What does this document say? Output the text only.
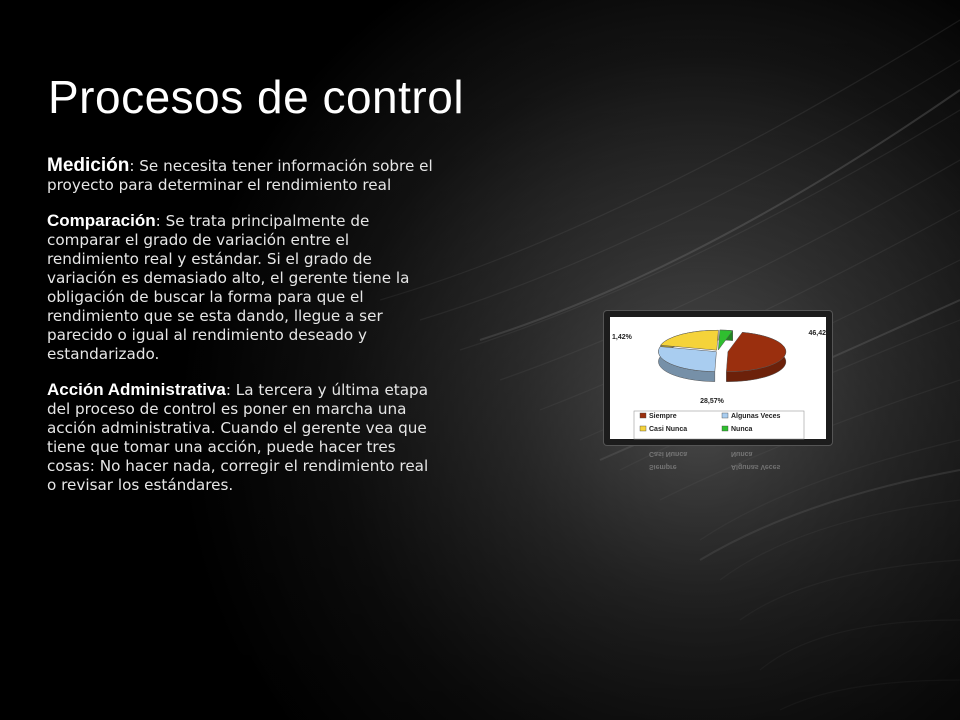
Procesos de control

Medición: Se necesita tener información sobre el proyecto para determinar el rendimiento real

Comparación: Se trata principalmente de comparar el grado de variación entre el rendimiento real y estándar. Si el grado de variación es demasiado alto, el gerente tiene la obligación de buscar la forma para que el rendimiento que se esta dando, llegue a ser parecido o igual al rendimiento deseado y estandarizado.

Acción Administrativa: La tercera y última etapa del proceso de control es poner en marcha una acción administrativa. Cuando el gerente vea que tiene que tomar una acción, puede hacer tres cosas: No hacer nada, corregir el rendimiento real o revisar los estándares.

46,42
28,57%
1,42%
Siempre	Algunas Veces
Casi Nunca	Nunca
Siempre	Algunas Veces
Casi Nunca	Nunca
